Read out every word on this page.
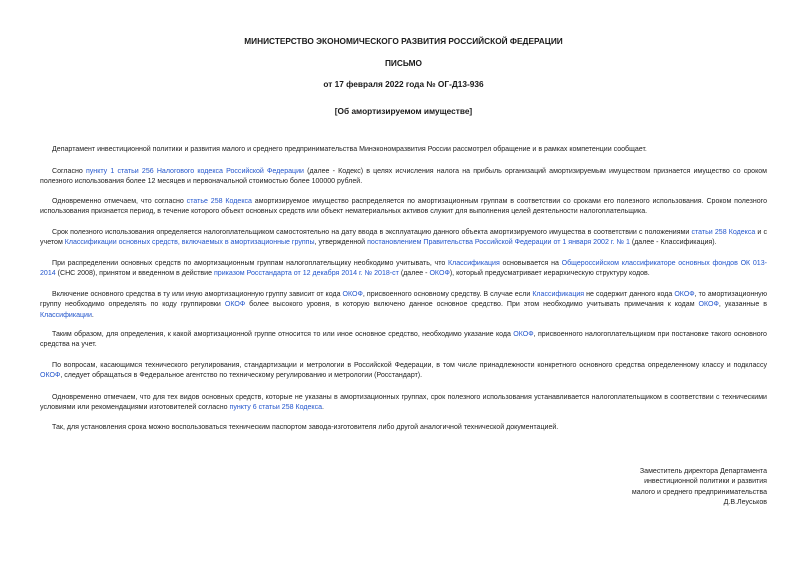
МИНИСТЕРСТВО ЭКОНОМИЧЕСКОГО РАЗВИТИЯ РОССИЙСКОЙ ФЕДЕРАЦИИ
ПИСЬМО
от 17 февраля 2022 года № ОГ-Д13-936
[Об амортизируемом имуществе]

Департамент инвестиционной политики и развития малого и среднего предпринимательства Минэкономразвития России рассмотрел обращение и в рамках компетенции сообщает.

Согласно пункту 1 статьи 256 Налогового кодекса Российской Федерации (далее - Кодекс) в целях исчисления налога на прибыль организаций амортизируемым имуществом признается имущество со сроком полезного использования более 12 месяцев и первоначальной стоимостью более 100000 рублей.

Одновременно отмечаем, что согласно статье 258 Кодекса амортизируемое имущество распределяется по амортизационным группам в соответствии со сроками его полезного использования. Сроком полезного использования признается период, в течение которого объект основных средств или объект нематериальных активов служит для выполнения целей деятельности налогоплательщика.

Срок полезного использования определяется налогоплательщиком самостоятельно на дату ввода в эксплуатацию данного объекта амортизируемого имущества в соответствии с положениями статьи 258 Кодекса и с учетом Классификации основных средств, включаемых в амортизационные группы, утвержденной постановлением Правительства Российской Федерации от 1 января 2002 г. № 1 (далее - Классификация).

При распределении основных средств по амортизационным группам налогоплательщику необходимо учитывать, что Классификация основывается на Общероссийском классификаторе основных фондов ОК 013-2014 (СНС 2008), принятом и введенном в действие приказом Росстандарта от 12 декабря 2014 г. № 2018-ст (далее - ОКОФ), который предусматривает иерархическую структуру кодов.

Включение основного средства в ту или иную амортизационную группу зависит от кода ОКОФ, присвоенного основному средству. В случае если Классификация не содержит данного кода ОКОФ, то амортизационную группу необходимо определять по коду группировки ОКОФ более высокого уровня, в которую включено данное основное средство. При этом необходимо учитывать примечания к кодам ОКОФ, указанные в Классификации.

Таким образом, для определения, к какой амортизационной группе относится то или иное основное средство, необходимо указание кода ОКОФ, присвоенного налогоплательщиком при постановке такого основного средства на учет.

По вопросам, касающимся технического регулирования, стандартизации и метрологии в Российской Федерации, в том числе принадлежности конкретного основного средства определенному классу и подклассу ОКОФ, следует обращаться в Федеральное агентство по техническому регулированию и метрологии (Росстандарт).

Одновременно отмечаем, что для тех видов основных средств, которые не указаны в амортизационных группах, срок полезного использования устанавливается налогоплательщиком в соответствии с техническими условиями или рекомендациями изготовителей согласно пункту 6 статьи 258 Кодекса.

Так, для установления срока можно воспользоваться техническим паспортом завода-изготовителя либо другой аналогичной технической документацией.

Заместитель директора Департамента
инвестиционной политики и развития
малого и среднего предпринимательства
Д.В.Леуськов
